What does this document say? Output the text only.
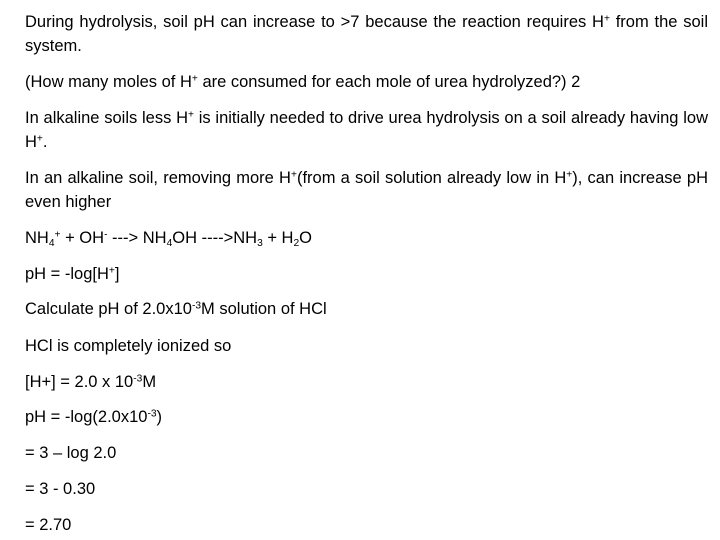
During hydrolysis, soil pH can increase to >7 because the reaction requires H+ from the soil system.

(How many moles of H+ are consumed for each mole of urea hydrolyzed?) 2

In alkaline soils less H+ is initially needed to drive urea hydrolysis on a soil already having low H+.

In an alkaline soil, removing more H+(from a soil solution already low in H+), can increase pH even higher

$NH_4^+ + OH^-$ ---> $NH_4OH$ $---->NH_3 + H_2O$

pH = -log[H+]

Calculate pH of $2.0x10^{-3}M$ solution of HCl

HCl is completely ionized so

[H+] = 2.0 x $10^{-3}M$

pH = $-\log(2.0x10^{-3})$

= 3 – log 2.0

= 3 - 0.30

= 2.70
